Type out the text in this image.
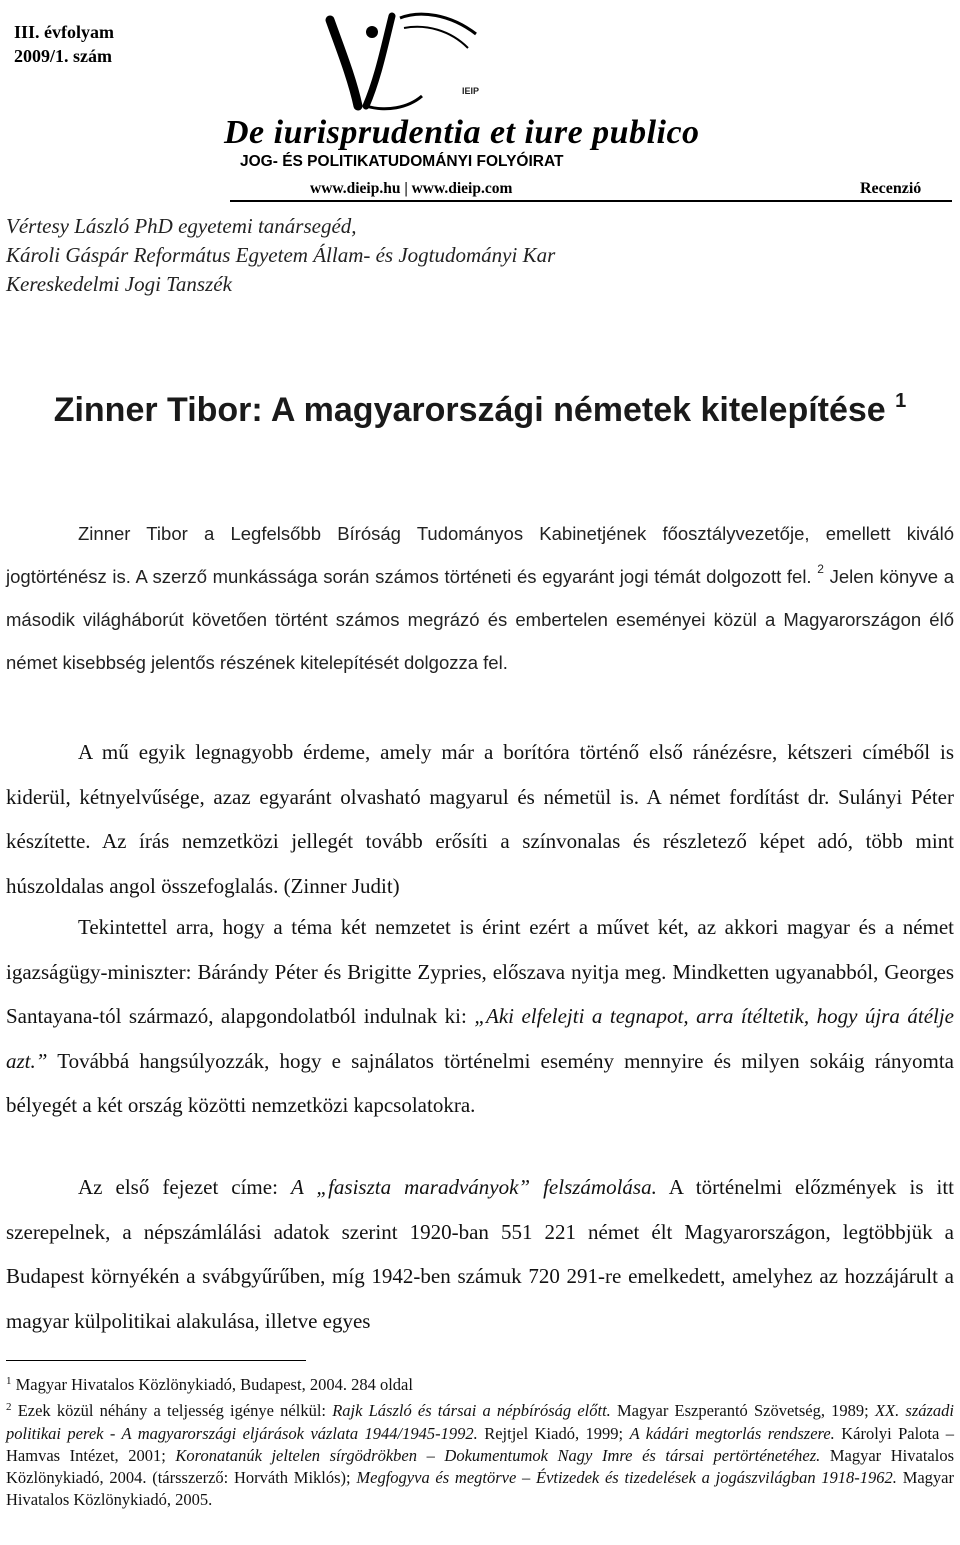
III. évfolyam
2009/1. szám
IEIP
De iurisprudentia et iure publico
JOG- ÉS POLITIKATUDOMÁNYI FOLYÓIRAT
www.dieip.hu | www.dieip.com	Recenzió
Vértesy László PhD egyetemi tanársegéd,
Károli Gáspár Református Egyetem Állam- és Jogtudományi Kar
Kereskedelmi Jogi Tanszék
Zinner Tibor: A magyarországi németek kitelepítése $^1$

Zinner Tibor a Legfelsőbb Bíróság Tudományos Kabinetjének főosztályvezetője, emellett kiváló jogtörténész is. A szerző munkássága során számos történeti és egyaránt jogi témát dolgozott fel. $^2$ Jelen könyve a második világháborút követően történt számos megrázó és embertelen eseményei közül a Magyarországon élő német kisebbség jelentős részének kitelepítését dolgozza fel.

A mű egyik legnagyobb érdeme, amely már a borítóra történő első ránézésre, kétszeri címéből is kiderül, kétnyelvűsége, azaz egyaránt olvasható magyarul és németül is. A német fordítást dr. Sulányi Péter készítette. Az írás nemzetközi jellegét tovább erősíti a színvonalas és részletező képet adó, több mint húszoldalas angol összefoglalás. (Zinner Judit)

Tekintettel arra, hogy a téma két nemzetet is érint ezért a művet két, az akkori magyar és a német igazságügy-miniszter: Bárándy Péter és Brigitte Zypries, előszava nyitja meg. Mindketten ugyanabból, Georges Santayana-tól származó, alapgondolatból indulnak ki: „Aki elfelejti a tegnapot, arra ítéltetik, hogy újra átélje azt.” Továbbá hangsúlyozzák, hogy e sajnálatos történelmi esemény mennyire és milyen sokáig rányomta bélyegét a két ország közötti nemzetközi kapcsolatokra.

Az első fejezet címe: A „fasiszta maradványok” felszámolása. A történelmi előzmények is itt szerepelnek, a népszámlálási adatok szerint 1920-ban 551 221 német élt Magyarországon, legtöbbjük a Budapest környékén a svábgyűrűben, míg 1942-ben számuk 720 291-re emelkedett, amelyhez az hozzájárult a magyar külpolitikai alakulása, illetve egyes

$^1$ Magyar Hivatalos Közlönykiadó, Budapest, 2004. 284 oldal
$^2$ Ezek közül néhány a teljesség igénye nélkül: Rajk László és társai a népbíróság előtt. Magyar Eszperantó Szövetség, 1989; XX. századi politikai perek - A magyarországi eljárások vázlata 1944/1945-1992. Rejtjel Kiadó, 1999; A kádári megtorlás rendszere. Károlyi Palota – Hamvas Intézet, 2001; Koronatanúk jeltelen sírgödrökben – Dokumentumok Nagy Imre és társai pertörténetéhez. Magyar Hivatalos Közlönykiadó, 2004. (társszerző: Horváth Miklós); Megfogyva és megtörve – Évtizedek és tizedelések a jogászvilágban 1918-1962. Magyar Hivatalos Közlönykiadó, 2005.
